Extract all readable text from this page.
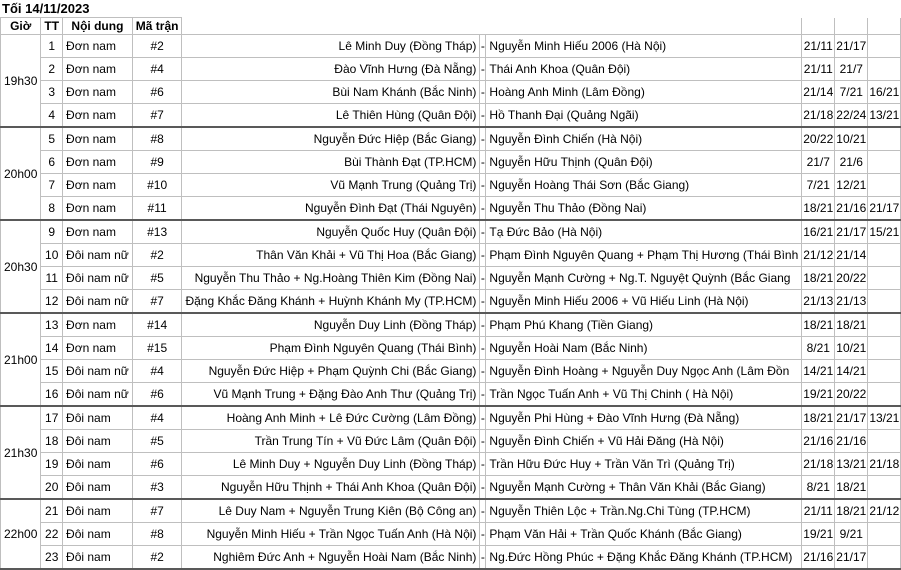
Tối 14/11/2023
Giờ	TT	Nội dung	Mã trận						
19h30	1	Đơn nam	#2	Lê Minh Duy (Đồng Tháp)	-	Nguyễn Minh Hiếu 2006 (Hà Nội)	21/11	21/17	
	2	Đơn nam	#4	Đào Vĩnh Hưng (Đà Nẵng)	-	Thái Anh Khoa (Quân Đội)	21/11	21/7	
	3	Đơn nam	#6	Bùi Nam Khánh (Bắc Ninh)	-	Hoàng Anh Minh (Lâm Đồng)	21/14	7/21	16/21
	4	Đơn nam	#7	Lê Thiên Hùng (Quân Đội)	-	Hồ Thanh Đại (Quảng Ngãi)	21/18	22/24	13/21
20h00	5	Đơn nam	#8	Nguyễn Đức Hiệp (Bắc Giang)	-	Nguyễn Đình Chiến (Hà Nội)	20/22	10/21	
	6	Đơn nam	#9	Bùi Thành Đạt (TP.HCM)	-	Nguyễn Hữu Thịnh (Quân Đội)	21/7	21/6	
	7	Đơn nam	#10	Vũ Mạnh Trung (Quảng Trị)	-	Nguyễn Hoàng Thái Sơn (Bắc Giang)	7/21	12/21	
	8	Đơn nam	#11	Nguyễn Đình Đạt (Thái Nguyên)	-	Nguyễn Thu Thảo (Đồng Nai)	18/21	21/16	21/17
20h30	9	Đơn nam	#13	Nguyễn Quốc Huy (Quân Đội)	-	Tạ Đức Bảo (Hà Nội)	16/21	21/17	15/21
	10	Đôi nam nữ	#2	Thân Văn Khải + Vũ Thị Hoa (Bắc Giang)	-	Phạm Đình Nguyên Quang + Phạm Thị Hương (Thái Bình	21/12	21/14	
	11	Đôi nam nữ	#5	Nguyễn Thu Thảo + Ng.Hoàng Thiên Kim (Đồng Nai)	-	Nguyễn Mạnh Cường + Ng.T. Nguyệt Quỳnh (Bắc Giang	18/21	20/22	
	12	Đôi nam nữ	#7	Đặng Khắc Đăng Khánh + Huỳnh Khánh My (TP.HCM)	-	Nguyễn Minh Hiếu 2006 + Vũ Hiếu Linh (Hà Nội)	21/13	21/13	
21h00	13	Đơn nam	#14	Nguyễn Duy Linh (Đồng Tháp)	-	Phạm Phú Khang (Tiền Giang)	18/21	18/21	
	14	Đơn nam	#15	Phạm Đình Nguyên Quang (Thái Bình)	-	Nguyễn Hoài Nam (Bắc Ninh)	8/21	10/21	
	15	Đôi nam nữ	#4	Nguyễn Đức Hiệp + Phạm Quỳnh Chi (Bắc Giang)	-	Nguyễn Đình Hoàng + Nguyễn Duy Ngọc Anh (Lâm Đồn	14/21	14/21	
	16	Đôi nam nữ	#6	Vũ Mạnh Trung + Đặng Đào Anh Thư (Quảng Trị)	-	Trần Ngọc Tuấn Anh + Vũ Thị Chinh ( Hà Nội)	19/21	20/22	
21h30	17	Đôi nam	#4	Hoàng Anh Minh + Lê Đức Cường (Lâm Đồng)	-	Nguyễn Phi Hùng + Đào Vĩnh Hưng (Đà Nẵng)	18/21	21/17	13/21
	18	Đôi nam	#5	Trần Trung Tín + Vũ Đức Lâm (Quân Đội)	-	Nguyễn Đình Chiến + Vũ Hải Đăng (Hà Nội)	21/16	21/16	
	19	Đôi nam	#6	Lê Minh Duy + Nguyễn Duy Linh (Đồng Tháp)	-	Trần Hữu Đức Huy + Trần Văn Trì (Quảng Trị)	21/18	13/21	21/18
	20	Đôi nam	#3	Nguyễn Hữu Thịnh + Thái Anh Khoa (Quân Đội)	-	Nguyễn Mạnh Cường + Thân Văn Khải (Bắc Giang)	8/21	18/21	
22h00	21	Đôi nam	#7	Lê Duy Nam + Nguyễn Trung Kiên (Bộ Công an)	-	Nguyễn Thiên Lộc + Trần.Ng.Chi Tùng (TP.HCM)	21/11	18/21	21/12
	22	Đôi nam	#8	Nguyễn Minh Hiếu + Trần Ngọc Tuấn Anh (Hà Nội)	-	Phạm Văn Hải + Trần Quốc Khánh (Bắc Giang)	19/21	9/21	
	23	Đôi nam	#2	Nghiêm Đức Anh + Nguyễn Hoài Nam (Bắc Ninh)	-	Ng.Đức Hồng Phúc + Đặng Khắc Đăng Khánh (TP.HCM)	21/16	21/17	
